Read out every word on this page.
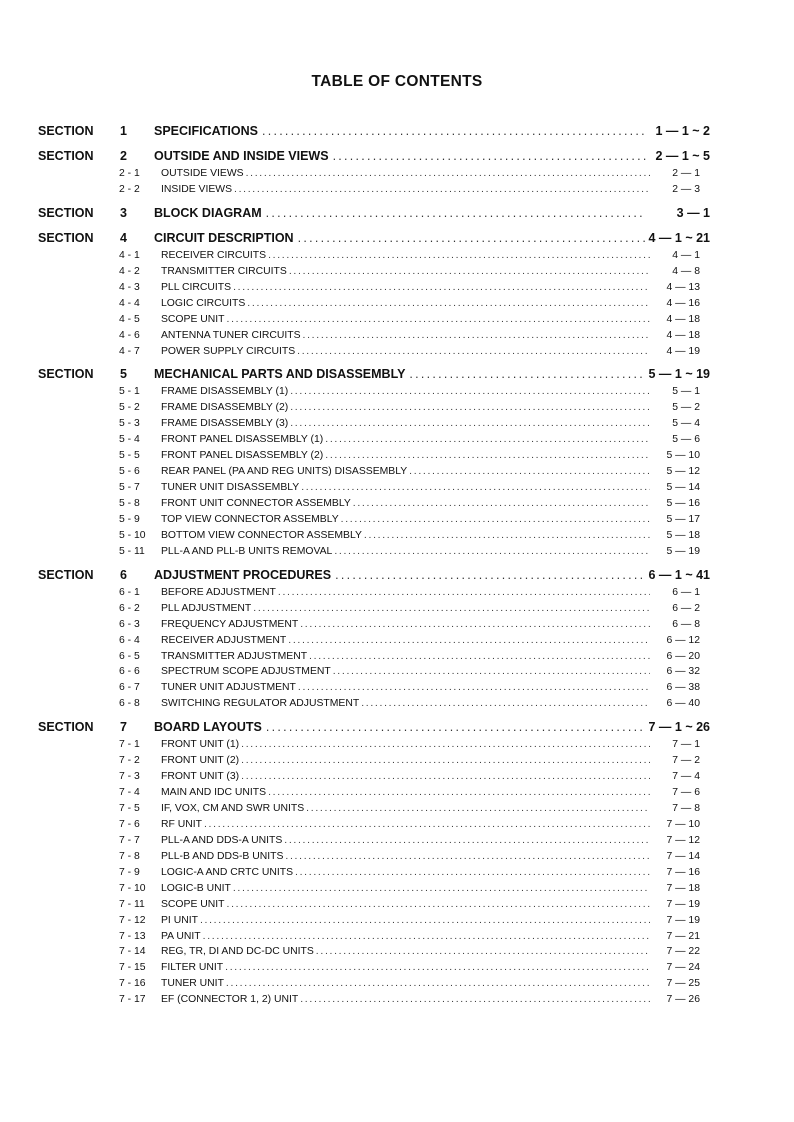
TABLE OF CONTENTS
SECTION	1	SPECIFICATIONS . . .	1 — 1 ~ 2
SECTION	2	OUTSIDE AND INSIDE VIEWS . . .	2 — 1 ~ 5
2 - 1	OUTSIDE VIEWS . . .	2 — 1
2 - 2	INSIDE VIEWS . . .	2 — 3
SECTION	3	BLOCK DIAGRAM . . .	3 — 1
SECTION	4	CIRCUIT DESCRIPTION . . .	4 — 1 ~ 21
4 - 1	RECEIVER CIRCUITS . . .	4 — 1
4 - 2	TRANSMITTER CIRCUITS . . .	4 — 8
4 - 3	PLL CIRCUITS . . .	4 — 13
4 - 4	LOGIC CIRCUITS . . .	4 — 16
4 - 5	SCOPE UNIT . . .	4 — 18
4 - 6	ANTENNA TUNER CIRCUITS . . .	4 — 18
4 - 7	POWER SUPPLY CIRCUITS . . .	4 — 19
SECTION	5	MECHANICAL PARTS AND DISASSEMBLY . . .	5 — 1 ~ 19
5 - 1	FRAME DISASSEMBLY (1) . . .	5 — 1
5 - 2	FRAME DISASSEMBLY (2) . . .	5 — 2
5 - 3	FRAME DISASSEMBLY (3) . . .	5 — 4
5 - 4	FRONT PANEL DISASSEMBLY (1) . . .	5 — 6
5 - 5	FRONT PANEL DISASSEMBLY (2) . . .	5 — 10
5 - 6	REAR PANEL (PA AND REG UNITS) DISASSEMBLY . . .	5 — 12
5 - 7	TUNER UNIT DISASSEMBLY . . .	5 — 14
5 - 8	FRONT UNIT CONNECTOR ASSEMBLY . . .	5 — 16
5 - 9	TOP VIEW CONNECTOR ASSEMBLY . . .	5 — 17
5 - 10	BOTTOM VIEW CONNECTOR ASSEMBLY . . .	5 — 18
5 - 11	PLL-A AND PLL-B UNITS REMOVAL . . .	5 — 19
SECTION	6	ADJUSTMENT PROCEDURES . . .	6 — 1 ~ 41
6 - 1	BEFORE ADJUSTMENT . . .	6 — 1
6 - 2	PLL ADJUSTMENT . . .	6 — 2
6 - 3	FREQUENCY ADJUSTMENT . . .	6 — 8
6 - 4	RECEIVER ADJUSTMENT . . .	6 — 12
6 - 5	TRANSMITTER ADJUSTMENT . . .	6 — 20
6 - 6	SPECTRUM SCOPE ADJUSTMENT . . .	6 — 32
6 - 7	TUNER UNIT ADJUSTMENT . . .	6 — 38
6 - 8	SWITCHING REGULATOR ADJUSTMENT . . .	6 — 40
SECTION	7	BOARD LAYOUTS . . .	7 — 1 ~ 26
7 - 1	FRONT UNIT (1) . . .	7 — 1
7 - 2	FRONT UNIT (2) . . .	7 — 2
7 - 3	FRONT UNIT (3) . . .	7 — 4
7 - 4	MAIN AND IDC UNITS . . .	7 — 6
7 - 5	IF, VOX, CM AND SWR UNITS . . .	7 — 8
7 - 6	RF UNIT . . .	7 — 10
7 - 7	PLL-A AND DDS-A UNITS . . .	7 — 12
7 - 8	PLL-B AND DDS-B UNITS . . .	7 — 14
7 - 9	LOGIC-A AND CRTC UNITS . . .	7 — 16
7 - 10	LOGIC-B UNIT . . .	7 — 18
7 - 11	SCOPE UNIT . . .	7 — 19
7 - 12	PI UNIT . . .	7 — 19
7 - 13	PA UNIT . . .	7 — 21
7 - 14	REG, TR, DI AND DC-DC UNITS . . .	7 — 22
7 - 15	FILTER UNIT . . .	7 — 24
7 - 16	TUNER UNIT . . .	7 — 25
7 - 17	EF (CONNECTOR 1, 2) UNIT . . .	7 — 26
